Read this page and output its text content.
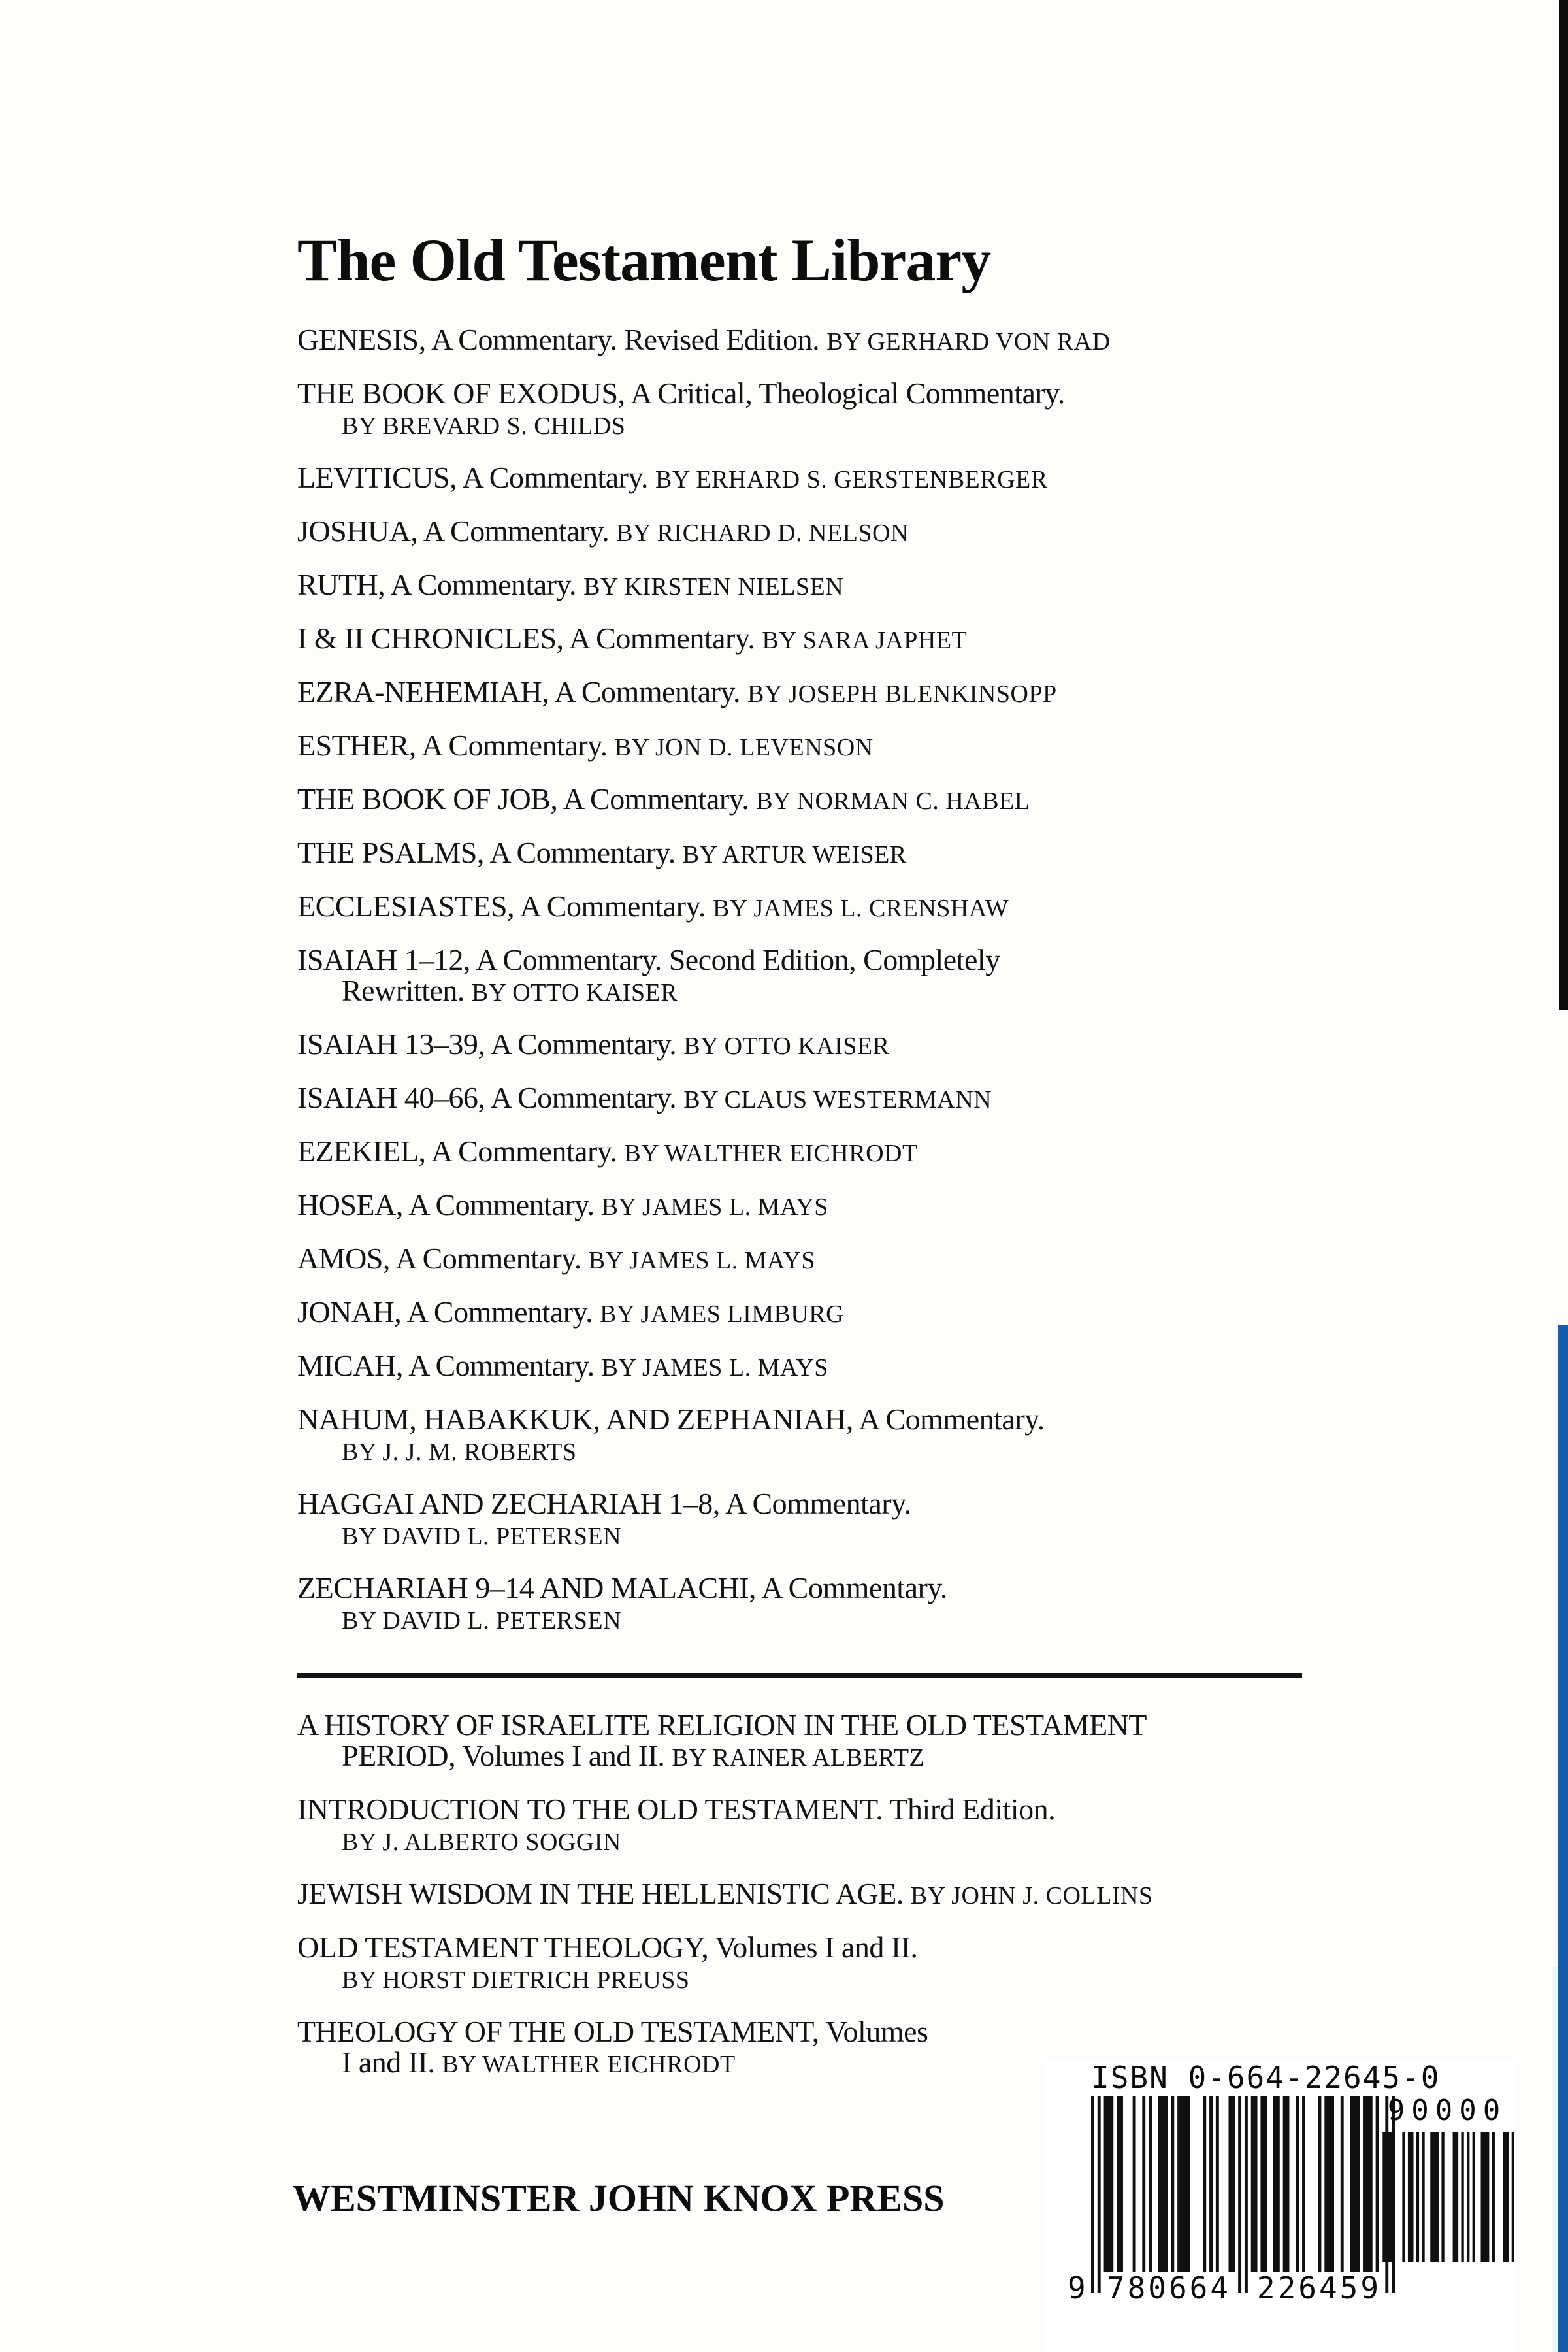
The Old Testament Library
GENESIS, A Commentary. Revised Edition. BY GERHARD VON RAD
THE BOOK OF EXODUS, A Critical, Theological Commentary.
BY BREVARD S. CHILDS
LEVITICUS, A Commentary. BY ERHARD S. GERSTENBERGER
JOSHUA, A Commentary. BY RICHARD D. NELSON
RUTH, A Commentary. BY KIRSTEN NIELSEN
I & II CHRONICLES, A Commentary. BY SARA JAPHET
EZRA-NEHEMIAH, A Commentary. BY JOSEPH BLENKINSOPP
ESTHER, A Commentary. BY JON D. LEVENSON
THE BOOK OF JOB, A Commentary. BY NORMAN C. HABEL
THE PSALMS, A Commentary. BY ARTUR WEISER
ECCLESIASTES, A Commentary. BY JAMES L. CRENSHAW
ISAIAH 1–12, A Commentary. Second Edition, Completely
Rewritten. BY OTTO KAISER
ISAIAH 13–39, A Commentary. BY OTTO KAISER
ISAIAH 40–66, A Commentary. BY CLAUS WESTERMANN
EZEKIEL, A Commentary. BY WALTHER EICHRODT
HOSEA, A Commentary. BY JAMES L. MAYS
AMOS, A Commentary. BY JAMES L. MAYS
JONAH, A Commentary. BY JAMES LIMBURG
MICAH, A Commentary. BY JAMES L. MAYS
NAHUM, HABAKKUK, AND ZEPHANIAH, A Commentary.
BY J. J. M. ROBERTS
HAGGAI AND ZECHARIAH 1–8, A Commentary.
BY DAVID L. PETERSEN
ZECHARIAH 9–14 AND MALACHI, A Commentary.
BY DAVID L. PETERSEN
A HISTORY OF ISRAELITE RELIGION IN THE OLD TESTAMENT
PERIOD, Volumes I and II. BY RAINER ALBERTZ
INTRODUCTION TO THE OLD TESTAMENT. Third Edition.
BY J. ALBERTO SOGGIN
JEWISH WISDOM IN THE HELLENISTIC AGE. BY JOHN J. COLLINS
OLD TESTAMENT THEOLOGY, Volumes I and II.
BY HORST DIETRICH PREUSS
THEOLOGY OF THE OLD TESTAMENT, Volumes
I and II. BY WALTHER EICHRODT
WESTMINSTER JOHN KNOX PRESS
ISBN 0-664-22645-0
9 780664 226459
90000
